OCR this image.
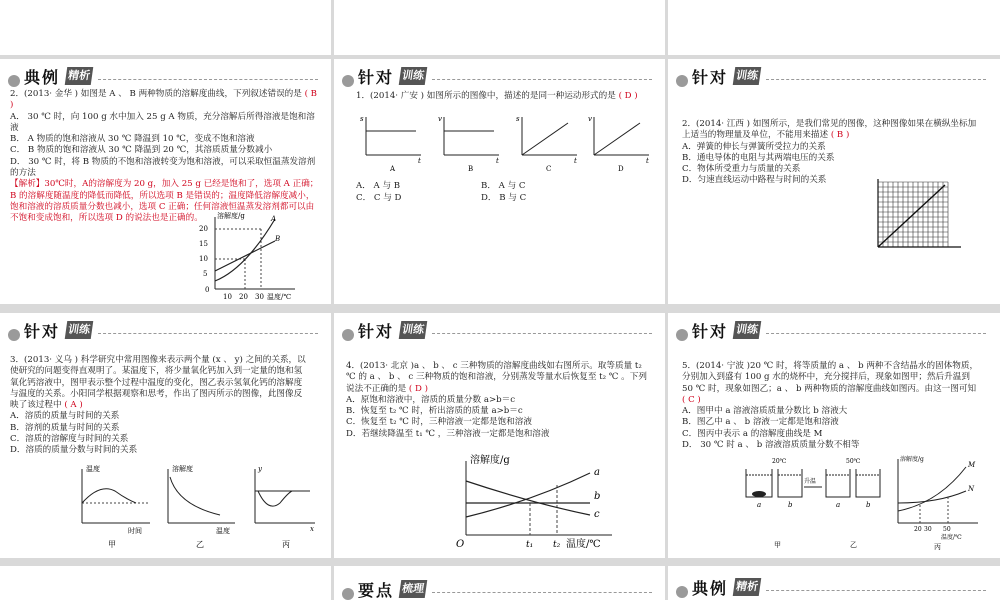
典例 精析

2．(2013· 金华 ) 如图是 A 、 B 两种物质的溶解度曲线，下列叙述错误的是 ( B )

A． 30 ℃ 时，向 100 g 水中加入 25 g A 物质，充分溶解后所得溶液是饱和溶液

B． A 物质的饱和溶液从 30 ℃ 降温到 10 ℃，变成不饱和溶液

C． B 物质的饱和溶液从 30 ℃ 降温到 20 ℃，其溶质质量分数减小

D． 30 ℃ 时，将 B 物质的不饱和溶液转变为饱和溶液，可以采取恒温蒸发溶剂的方法

【解析】30℃时，A的溶解度为 20 g，加入 25 g 已经是饱和了，选项 A 正确；B 的溶解度随温度的降低而降低，所以选项 B 是错误的；温度降低溶解度减小，饱和溶液的溶质质量分数也减小，选项 C 正确；任何溶液恒温蒸发溶剂都可以由不饱和变成饱和，所以选项 D 的说法也是正确的。	溶解度/g
20
15
10
5
0
10 20 30 温度/℃
A
B
针对 训练

1．(2014· 广安 ) 如图所示的图像中，描述的是同一种运动形式的是 ( D )

s
t
A
v
t
B
s
t
C
v
t
D
A． A 与 B	B． A 与 C
C． C 与 D	D． B 与 C
针对 训练

2．(2014· 江西 ) 如图所示，是我们常见的图像，这种图像如果在横纵坐标加上适当的物理量及单位，不能用来描述 ( B )

A．弹簧的伸长与弹簧所受拉力的关系

B．通电导体的电阻与其两端电压的关系

C．物体所受重力与质量的关系

D．匀速直线运动中路程与时间的关系

针对 训练

3．(2013· 义乌 ) 科学研究中常用图像来表示两个量 (x 、 y) 之间的关系，以使研究的问题变得直观明了。某温度下，将少量氧化钙加入到一定量的饱和氢氧化钙溶液中，图甲表示整个过程中温度的变化，图乙表示氢氧化钙的溶解度与温度的关系。小阳同学根据观察和思考，作出了图丙所示的图像，此图像反映了该过程中 ( A )

A．溶质的质量与时间的关系

B．溶剂的质量与时间的关系

C．溶质的溶解度与时间的关系

D．溶质的质量分数与时间的关系

温度
时间
甲
溶解度
温度
乙
y
x
丙
针对 训练

4．(2013· 北京 )a 、 b 、 c 三种物质的溶解度曲线如右图所示。取等质量 t₂ ℃ 的 a 、 b 、 c 三种物质的饱和溶液，分别蒸发等量水后恢复至 t₂ ℃ 。下列说法不正确的是 ( D )

A．原饱和溶液中，溶质的质量分数 a>b＝c

B．恢复至 t₂ ℃ 时，析出溶质的质量 a>b＝c

C．恢复至 t₂ ℃ 时，三种溶液一定都是饱和溶液

D．若继续降温至 t₁ ℃ ，三种溶液一定都是饱和溶液

溶解度/g
O
a
b
c
t₁ t₂ 温度/℃
针对 训练

5．(2014· 宁波 )20 ℃ 时，将等质量的 a 、 b 两种不含结晶水的固体物质，分别加入到盛有 100 g 水的烧杯中，充分搅拌后，现象如图甲；然后升温到 50 ℃ 时，现象如图乙；a 、 b 两种物质的溶解度曲线如图丙。由这一图可知 ( C )

A．图甲中 a 溶液溶质质量分数比 b 溶液大

B．图乙中 a 、 b 溶液一定都是饱和溶液

C．图丙中表示 a 的溶解度曲线是 M

D． 30 ℃ 时 a 、 b 溶液溶质质量分数不相等

20℃	50℃
升温
a	b	a	b
甲	乙
溶解度/g
M
N
20 30 50
温度/℃
丙
要点 梳理	典例 精析
